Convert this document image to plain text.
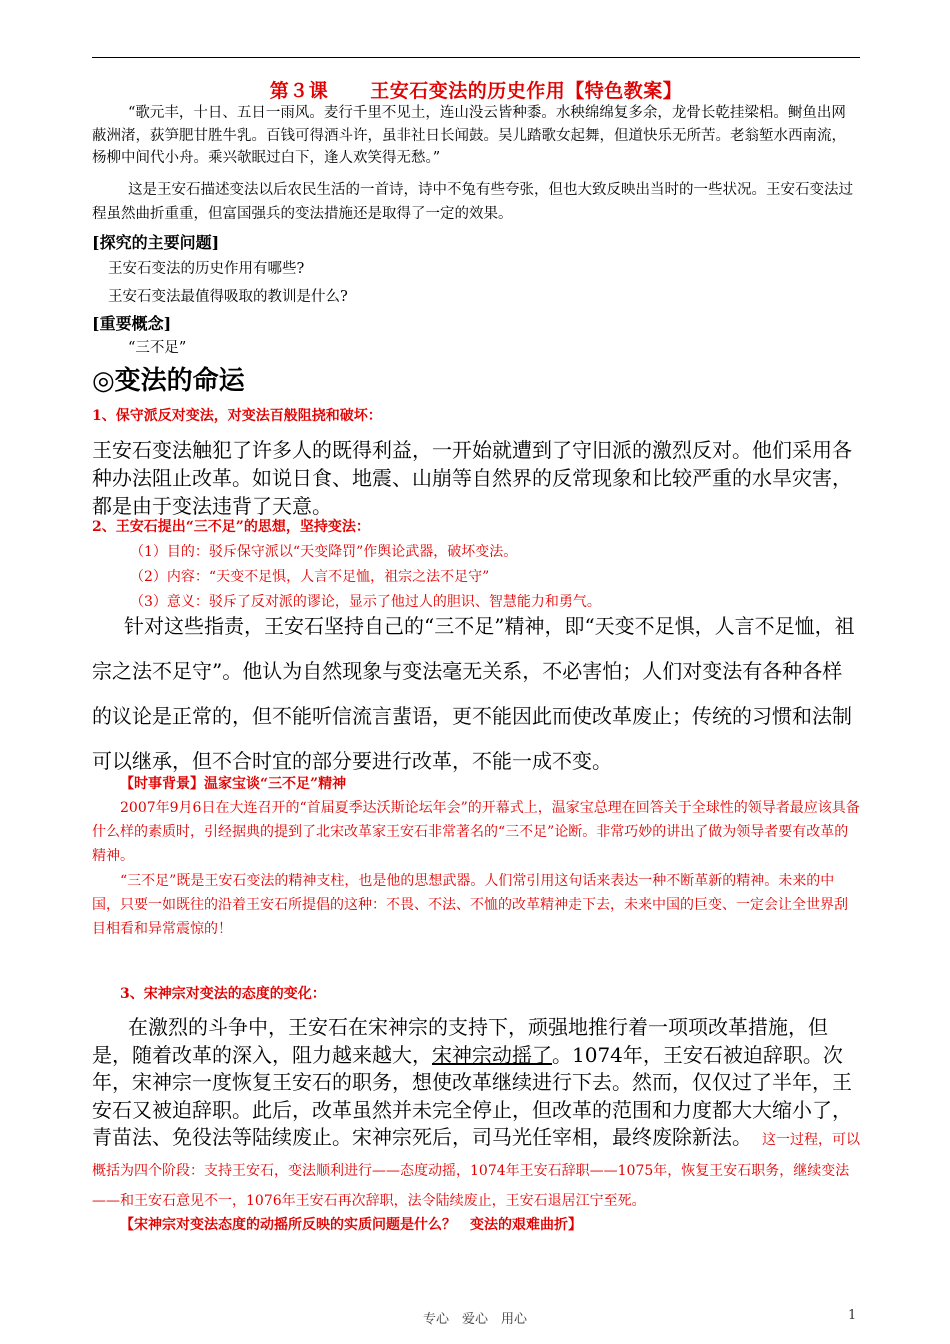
第３课 王安石变法的历史作用【特色教案】

“歌元丰，十日、五日一雨风。麦行千里不见土，连山没云皆种黍。水秧绵绵复多余，龙骨长乾挂梁梠。鲥鱼出网蔽洲渚，荻笋肥甘胜牛乳。百钱可得酒斗许，虽非社日长闻鼓。吴儿踏歌女起舞，但道快乐无所苦。老翁堑水西南流，杨柳中间代小舟。乘兴欹眠过白下，逢人欢笑得无愁。”

这是王安石描述变法以后农民生活的一首诗，诗中不兔有些夸张，但也大致反映出当时的一些状况。王安石变法过程虽然曲折重重，但富国强兵的变法措施还是取得了一定的效果。

[探究的主要问题]
王安石变法的历史作用有哪些?
王安石变法最值得吸取的教训是什么?
[重要概念]
“三不足”
◎变法的命运
1、保守派反对变法，对变法百般阻挠和破坏：

王安石变法触犯了许多人的既得利益，一开始就遭到了守旧派的激烈反对。他们采用各种办法阻止改革。如说日食、地震、山崩等自然界的反常现象和比较严重的水旱灾害，都是由于变法违背了天意。

2、王安石提出“三不足”的思想，坚持变法：
（1）目的：驳斥保守派以“天变降罚”作舆论武器，破坏变法。
（2）内容：“天变不足惧，人言不足恤，祖宗之法不足守”
（3）意义：驳斥了反对派的谬论，显示了他过人的胆识、智慧能力和勇气。

针对这些指责，王安石坚持自己的“三不足”精神，即“天变不足惧，人言不足恤，祖宗之法不足守”。他认为自然现象与变法毫无关系，不必害怕；人们对变法有各种各样的议论是正常的，但不能听信流言蜚语，更不能因此而使改革废止；传统的习惯和法制可以继承，但不合时宜的部分要进行改革，不能一成不变。

【时事背景】温家宝谈“三不足”精神

2007年9月6日在大连召开的“首届夏季达沃斯论坛年会”的开幕式上，温家宝总理在回答关于全球性的领导者最应该具备什么样的素质时，引经据典的提到了北宋改革家王安石非常著名的“三不足”论断。非常巧妙的讲出了做为领导者要有改革的精神。

“三不足”既是王安石变法的精神支柱，也是他的思想武器。人们常引用这句话来表达一种不断革新的精神。未来的中国，只要一如既往的沿着王安石所提倡的这种：不畏、不法、不恤的改革精神走下去，未来中国的巨变、一定会让全世界刮目相看和异常震惊的！

3、宋神宗对变法的态度的变化：

在激烈的斗争中，王安石在宋神宗的支持下，顽强地推行着一项项改革措施，但是，随着改革的深入，阻力越来越大，宋神宗动摇了。1074年，王安石被迫辞职。次年，宋神宗一度恢复王安石的职务，想使改革继续进行下去。然而，仅仅过了半年，王安石又被迫辞职。此后，改革虽然并未完全停止，但改革的范围和力度都大大缩小了，青苗法、免役法等陆续废止。宋神宗死后，司马光任宰相，最终废除新法。 这一过程，可以概括为四个阶段：支持王安石，变法顺利进行——态度动摇，1074年王安石辞职——1075年，恢复王安石职务，继续变法——和王安石意见不一，1076年王安石再次辞职，法令陆续废止，王安石退居江宁至死。

【宋神宗对变法态度的动摇所反映的实质问题是什么？　变法的艰难曲折】
专心　爱心　用心	1
